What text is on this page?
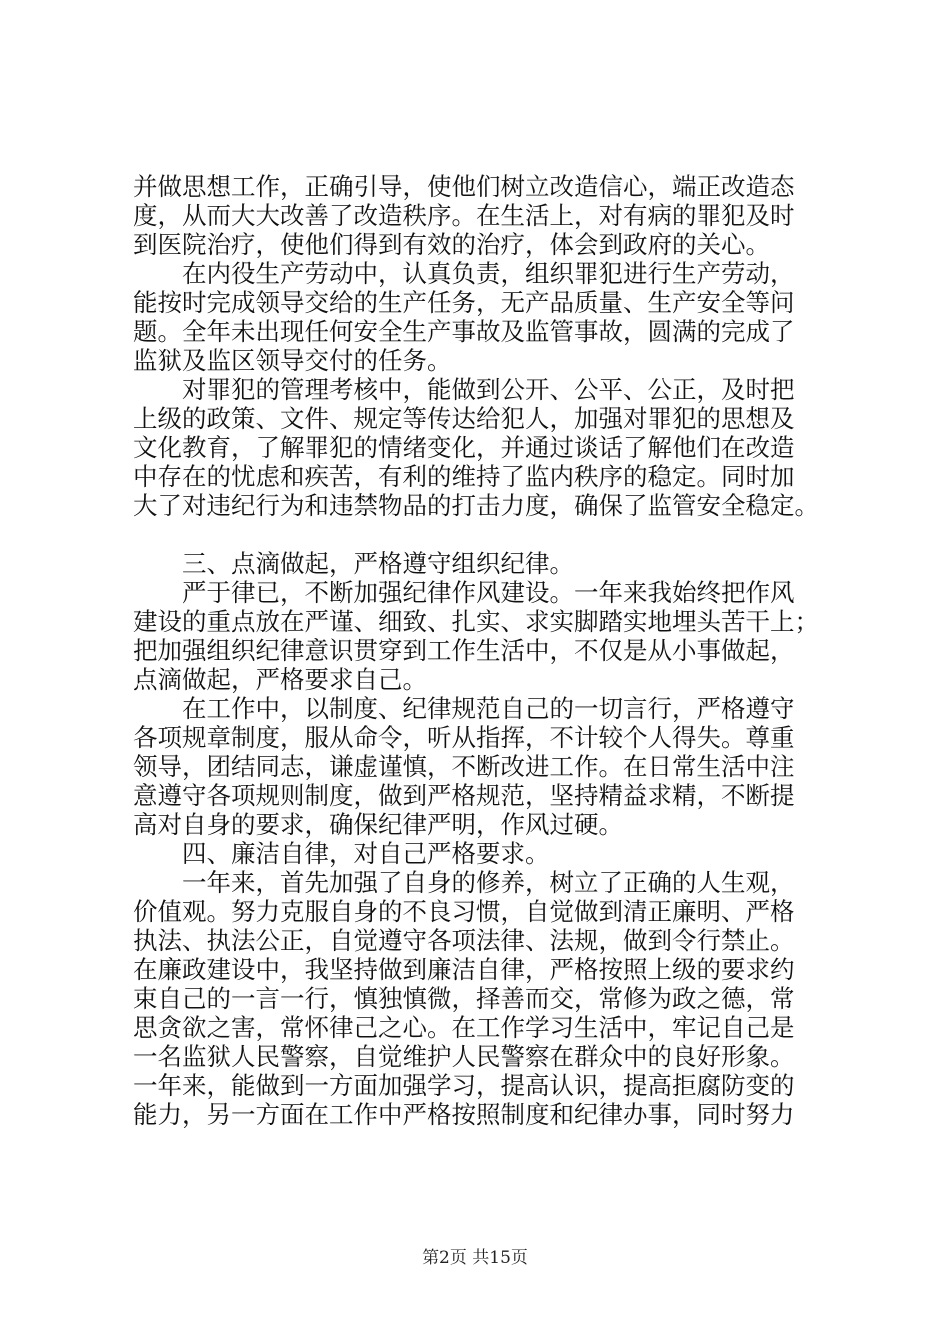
并做思想工作，正确引导，使他们树立改造信心，端正改造态
度，从而大大改善了改造秩序。在生活上，对有病的罪犯及时
到医院治疗，使他们得到有效的治疗，体会到政府的关心。
在内役生产劳动中，认真负责，组织罪犯进行生产劳动，
能按时完成领导交给的生产任务，无产品质量、生产安全等问
题。全年未出现任何安全生产事故及监管事故，圆满的完成了
监狱及监区领导交付的任务。
对罪犯的管理考核中，能做到公开、公平、公正，及时把
上级的政策、文件、规定等传达给犯人，加强对罪犯的思想及
文化教育，了解罪犯的情绪变化，并通过谈话了解他们在改造
中存在的忧虑和疾苦，有利的维持了监内秩序的稳定。同时加
大了对违纪行为和违禁物品的打击力度，确保了监管安全稳定。
三、点滴做起，严格遵守组织纪律。
严于律已，不断加强纪律作风建设。一年来我始终把作风
建设的重点放在严谨、细致、扎实、求实脚踏实地埋头苦干上；
把加强组织纪律意识贯穿到工作生活中，不仅是从小事做起，
点滴做起，严格要求自己。
在工作中，以制度、纪律规范自己的一切言行，严格遵守
各项规章制度，服从命令，听从指挥，不计较个人得失。尊重
领导，团结同志，谦虚谨慎，不断改进工作。在日常生活中注
意遵守各项规则制度，做到严格规范，坚持精益求精，不断提
高对自身的要求，确保纪律严明，作风过硬。
四、廉洁自律，对自己严格要求。
一年来，首先加强了自身的修养，树立了正确的人生观，
价值观。努力克服自身的不良习惯，自觉做到清正廉明、严格
执法、执法公正，自觉遵守各项法律、法规，做到令行禁止。
在廉政建设中，我坚持做到廉洁自律，严格按照上级的要求约
束自己的一言一行，慎独慎微，择善而交，常修为政之德，常
思贪欲之害，常怀律己之心。在工作学习生活中，牢记自己是
一名监狱人民警察，自觉维护人民警察在群众中的良好形象。
一年来，能做到一方面加强学习，提高认识，提高拒腐防变的
能力，另一方面在工作中严格按照制度和纪律办事，同时努力
第2页 共15页
